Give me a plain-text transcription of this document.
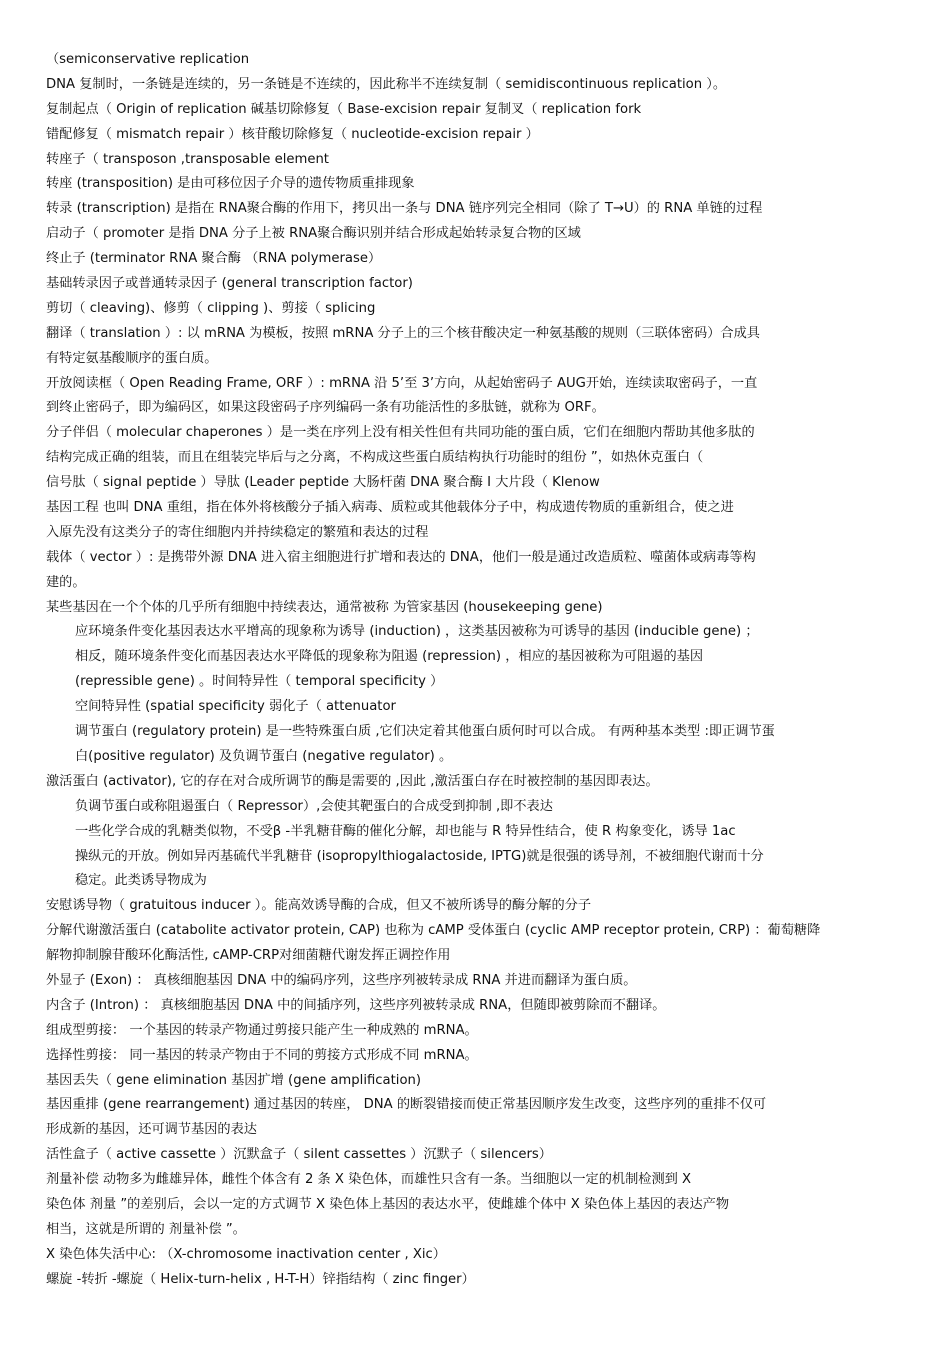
（semiconservative replication
DNA 复制时，一条链是连续的，另一条链是不连续的，因此称半不连续复制（ semidiscontinuous replication ）。
复制起点（ Origin of replication 碱基切除修复（ Base-excision repair 复制叉（ replication fork
错配修复（ mismatch repair ）核苷酸切除修复（ nucleotide-excision repair ）
转座子（ transposon ,transposable element
转座 (transposition) 是由可移位因子介导的遗传物质重排现象
转录 (transcription) 是指在 RNA聚合酶的作用下，拷贝出一条与 DNA 链序列完全相同（除了 T→U）的 RNA 单链的过程
启动子（ promoter 是指 DNA 分子上被 RNA聚合酶识别并结合形成起始转录复合物的区域
终止子 (terminator RNA 聚合酶 （RNA polymerase）
基础转录因子或普通转录因子 (general transcription factor)
剪切（ cleaving)、修剪（ clipping )、剪接（ splicing
翻译（ translation ）: 以 mRNA 为模板，按照 mRNA 分子上的三个核苷酸决定一种氨基酸的规则（三联体密码）合成具
有特定氨基酸顺序的蛋白质。
开放阅读框（ Open Reading Frame, ORF ）: mRNA 沿 5’至 3’方向，从起始密码子 AUG开始，连续读取密码子，一直
到终止密码子，即为编码区，如果这段密码子序列编码一条有功能活性的多肽链，就称为 ORF。
分子伴侣（ molecular chaperones ）是一类在序列上没有相关性但有共同功能的蛋白质，它们在细胞内帮助其他多肽的
结构完成正确的组装，而且在组装完毕后与之分离，不构成这些蛋白质结构执行功能时的组份 ”，如热休克蛋白（
信号肽（ signal peptide ）导肽 (Leader peptide 大肠杆菌 DNA 聚合酶 I 大片段（ Klenow
基因工程 也叫 DNA 重组，指在体外将核酸分子插入病毒、质粒或其他载体分子中，构成遗传物质的重新组合，使之进
入原先没有这类分子的寄住细胞内并持续稳定的繁殖和表达的过程
载体（ vector ）: 是携带外源 DNA 进入宿主细胞进行扩增和表达的 DNA，他们一般是通过改造质粒、噬菌体或病毒等构
建的。
某些基因在一个个体的几乎所有细胞中持续表达，通常被称 为管家基因 (housekeeping gene)
应环境条件变化基因表达水平增高的现象称为诱导 (induction) ，这类基因被称为可诱导的基因 (inducible gene) ；
相反，随环境条件变化而基因表达水平降低的现象称为阻遏 (repression) ，相应的基因被称为可阻遏的基因
(repressible gene) 。时间特异性（ temporal specificity ）
空间特异性 (spatial specificity 弱化子（ attenuator
调节蛋白 (regulatory protein) 是一些特殊蛋白质 ,它们决定着其他蛋白质何时可以合成。 有两种基本类型 :即正调节蛋
白(positive regulator) 及负调节蛋白 (negative regulator) 。
激活蛋白 (activator), 它的存在对合成所调节的酶是需要的 ,因此 ,激活蛋白存在时被控制的基因即表达。
负调节蛋白或称阻遏蛋白（ Repressor）,会使其靶蛋白的合成受到抑制 ,即不表达
一些化学合成的乳糖类似物，不受β -半乳糖苷酶的催化分解，却也能与 R 特异性结合，使 R 构象变化，诱导 1ac
操纵元的开放。例如异丙基硫代半乳糖苷 (isopropylthiogalactoside, IPTG)就是很强的诱导剂，不被细胞代谢而十分
稳定。此类诱导物成为
安慰诱导物（ gratuitous inducer ）。能高效诱导酶的合成，但又不被所诱导的酶分解的分子
分解代谢激活蛋白 (catabolite activator protein, CAP) 也称为 cAMP 受体蛋白 (cyclic AMP receptor protein, CRP) ：葡萄糖降
解物抑制腺苷酸环化酶活性, cAMP-CRP对细菌糖代谢发挥正调控作用
外显子 (Exon) ： 真核细胞基因 DNA 中的编码序列，这些序列被转录成 RNA 并进而翻译为蛋白质。
内含子 (Intron) ： 真核细胞基因 DNA 中的间插序列，这些序列被转录成 RNA，但随即被剪除而不翻译。
组成型剪接： 一个基因的转录产物通过剪接只能产生一种成熟的 mRNA。
选择性剪接： 同一基因的转录产物由于不同的剪接方式形成不同 mRNA。
基因丢失（ gene elimination 基因扩增 (gene amplification)
基因重排 (gene rearrangement) 通过基因的转座， DNA 的断裂错接而使正常基因顺序发生改变，这些序列的重排不仅可
形成新的基因，还可调节基因的表达
活性盒子（ active cassette ）沉默盒子（ silent cassettes ）沉默子（ silencers）
剂量补偿 动物多为雌雄异体，雌性个体含有 2 条 X 染色体，而雄性只含有一条。当细胞以一定的机制检测到 X
染色体 剂量 ”的差别后，会以一定的方式调节 X 染色体上基因的表达水平，使雌雄个体中 X 染色体上基因的表达产物
相当，这就是所谓的 剂量补偿 ”。
X 染色体失活中心: （X-chromosome inactivation center , Xic）
螺旋 -转折 -螺旋（ Helix-turn-helix , H-T-H）锌指结构（ zinc finger）
